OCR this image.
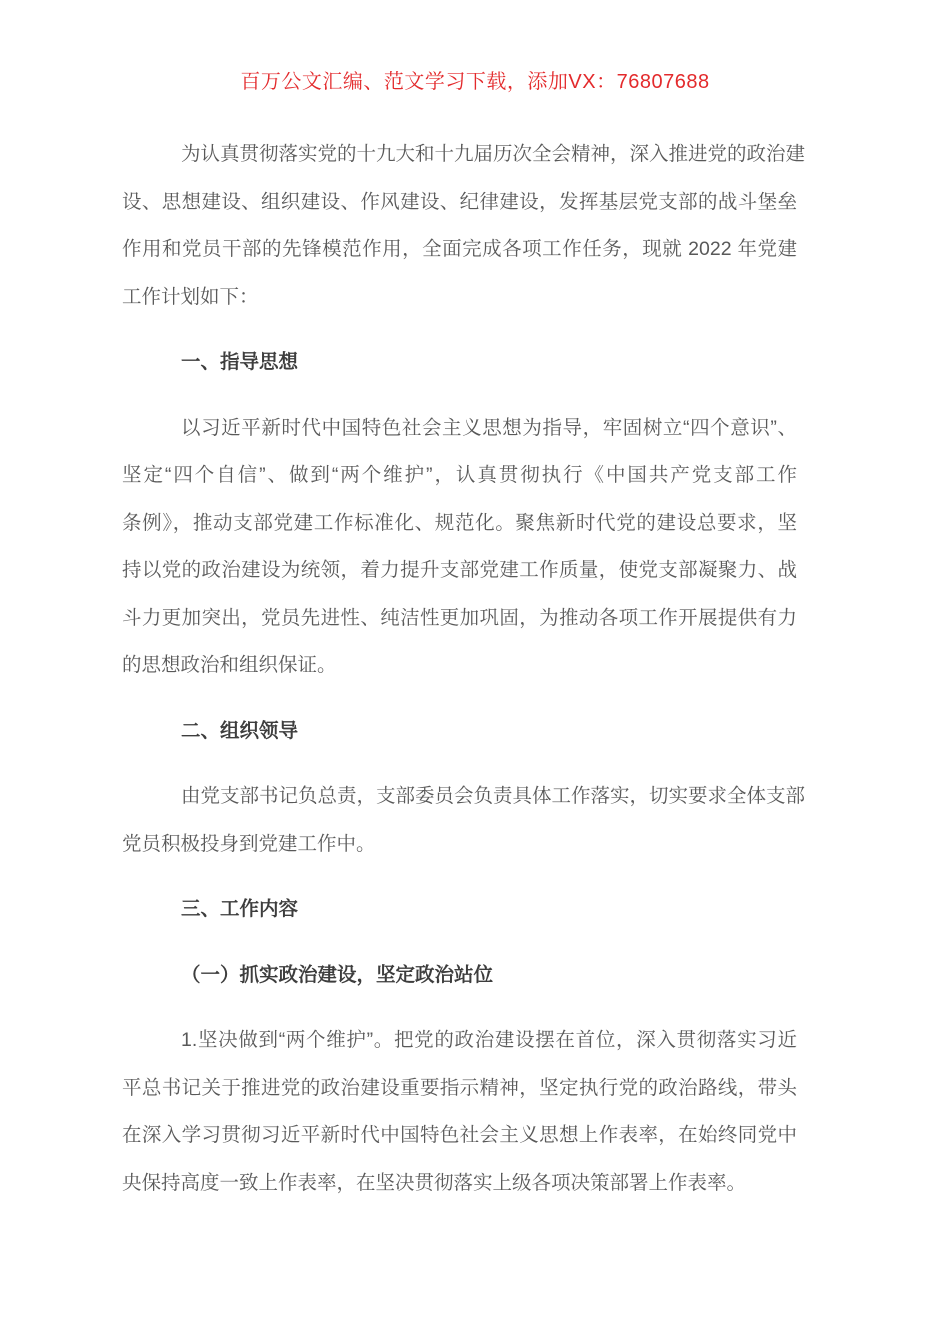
百万公文汇编、范文学习下载，添加VX：76807688
为认真贯彻落实党的十九大和十九届历次全会精神，深入推进党的政治建
设、思想建设、组织建设、作风建设、纪律建设，发挥基层党支部的战斗堡垒
作用和党员干部的先锋模范作用，全面完成各项工作任务，现就 2022 年党建
工作计划如下：
一、指导思想
以习近平新时代中国特色社会主义思想为指导，牢固树立“四个意识”、
坚定“四个自信”、做到“两个维护”，认真贯彻执行《中国共产党支部工作
条例》，推动支部党建工作标准化、规范化。聚焦新时代党的建设总要求，坚
持以党的政治建设为统领，着力提升支部党建工作质量，使党支部凝聚力、战
斗力更加突出，党员先进性、纯洁性更加巩固，为推动各项工作开展提供有力
的思想政治和组织保证。
二、组织领导
由党支部书记负总责，支部委员会负责具体工作落实，切实要求全体支部
党员积极投身到党建工作中。
三、工作内容
（一）抓实政治建设，坚定政治站位
1.坚决做到“两个维护”。把党的政治建设摆在首位，深入贯彻落实习近
平总书记关于推进党的政治建设重要指示精神，坚定执行党的政治路线，带头
在深入学习贯彻习近平新时代中国特色社会主义思想上作表率，在始终同党中
央保持高度一致上作表率，在坚决贯彻落实上级各项决策部署上作表率。
